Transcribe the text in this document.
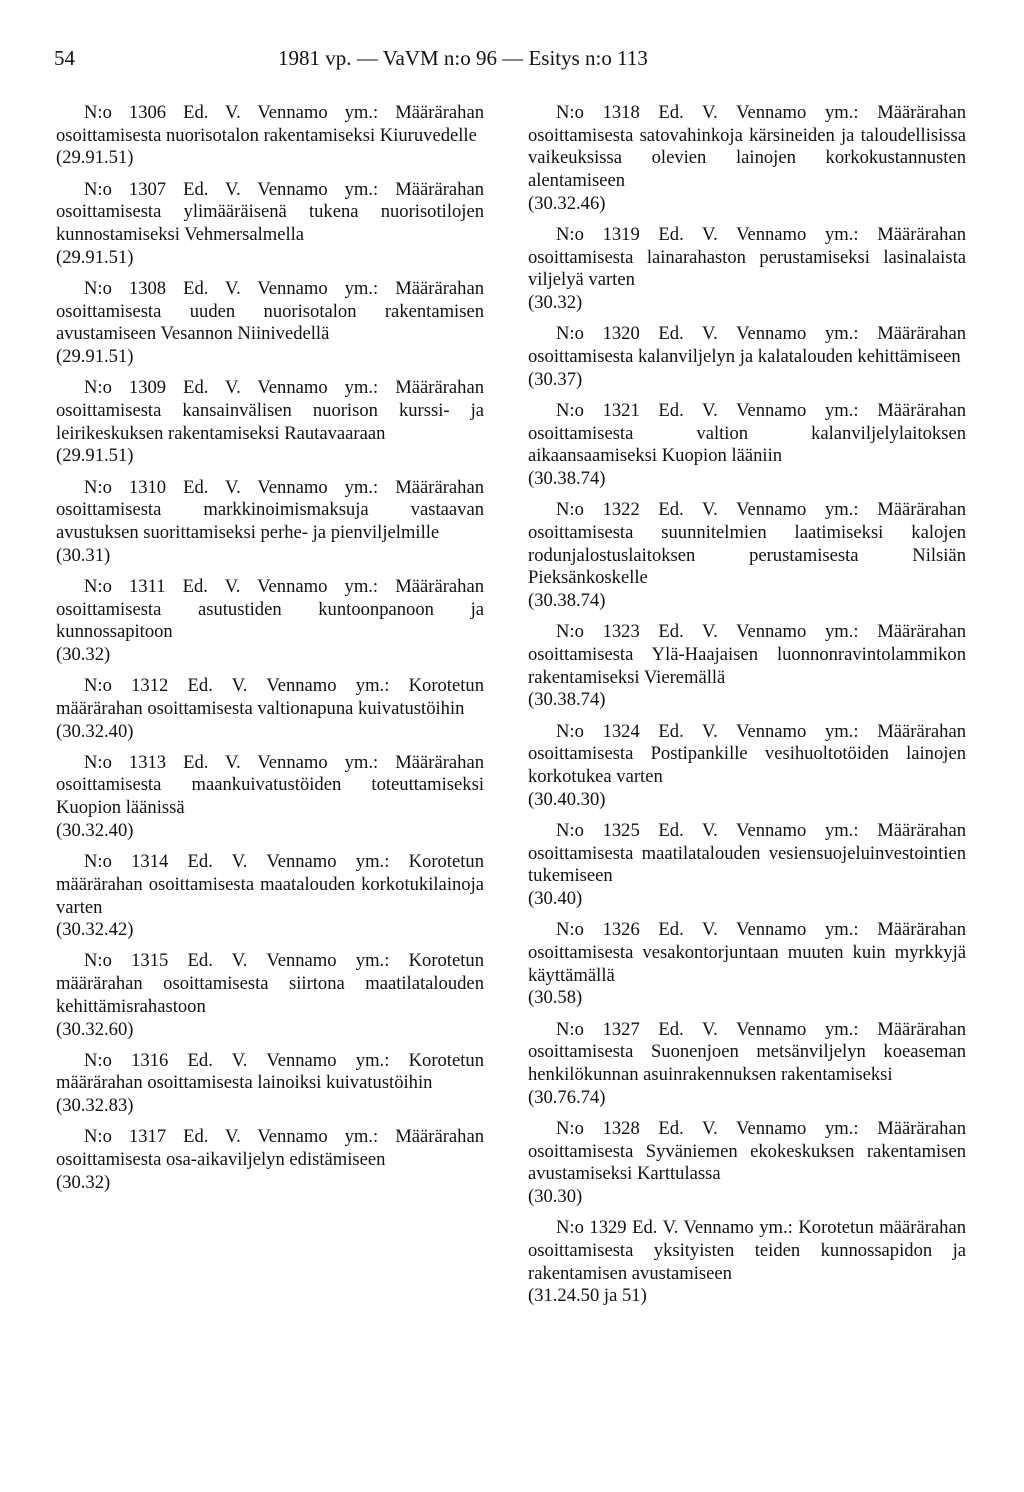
54	1981 vp. — VaVM n:o 96 — Esitys n:o 113

N:o 1306 Ed. V. Vennamo ym.: Määrärahan osoittamisesta nuorisotalon rakentamiseksi Kiuruvedelle

(29.91.51)

N:o 1307 Ed. V. Vennamo ym.: Määrärahan osoittamisesta ylimääräisenä tukena nuorisotilojen kunnostamiseksi Vehmersalmella

(29.91.51)

N:o 1308 Ed. V. Vennamo ym.: Määrärahan osoittamisesta uuden nuorisotalon rakentamisen avustamiseen Vesannon Niinivedellä

(29.91.51)

N:o 1309 Ed. V. Vennamo ym.: Määrärahan osoittamisesta kansainvälisen nuorison kurssi- ja leirikeskuksen rakentamiseksi Rautavaaraan

(29.91.51)

N:o 1310 Ed. V. Vennamo ym.: Määrärahan osoittamisesta markkinoimismaksuja vastaavan avustuksen suorittamiseksi perhe- ja pienviljelmille

(30.31)

N:o 1311 Ed. V. Vennamo ym.: Määrärahan osoittamisesta asutustiden kuntoonpanoon ja kunnossapitoon

(30.32)

N:o 1312 Ed. V. Vennamo ym.: Korotetun määrärahan osoittamisesta valtionapuna kuivatustöihin

(30.32.40)

N:o 1313 Ed. V. Vennamo ym.: Määrärahan osoittamisesta maankuivatustöiden toteuttamiseksi Kuopion läänissä

(30.32.40)

N:o 1314 Ed. V. Vennamo ym.: Korotetun määrärahan osoittamisesta maatalouden korkotukilainoja varten

(30.32.42)

N:o 1315 Ed. V. Vennamo ym.: Korotetun määrärahan osoittamisesta siirtona maatilatalouden kehittämisrahastoon

(30.32.60)

N:o 1316 Ed. V. Vennamo ym.: Korotetun määrärahan osoittamisesta lainoiksi kuivatustöihin

(30.32.83)

N:o 1317 Ed. V. Vennamo ym.: Määrärahan osoittamisesta osa-aikaviljelyn edistämiseen

(30.32)

N:o 1318 Ed. V. Vennamo ym.: Määrärahan osoittamisesta satovahinkoja kärsineiden ja taloudellisissa vaikeuksissa olevien lainojen korkokustannusten alentamiseen

(30.32.46)

N:o 1319 Ed. V. Vennamo ym.: Määrärahan osoittamisesta lainarahaston perustamiseksi lasinalaista viljelyä varten

(30.32)

N:o 1320 Ed. V. Vennamo ym.: Määrärahan osoittamisesta kalanviljelyn ja kalatalouden kehittämiseen

(30.37)

N:o 1321 Ed. V. Vennamo ym.: Määrärahan osoittamisesta valtion kalanviljelylaitoksen aikaansaamiseksi Kuopion lääniin

(30.38.74)

N:o 1322 Ed. V. Vennamo ym.: Määrärahan osoittamisesta suunnitelmien laatimiseksi kalojen rodunjalostuslaitoksen perustamisesta Nilsiän Pieksänkoskelle

(30.38.74)

N:o 1323 Ed. V. Vennamo ym.: Määrärahan osoittamisesta Ylä-Haajaisen luonnonravintolammikon rakentamiseksi Vieremällä

(30.38.74)

N:o 1324 Ed. V. Vennamo ym.: Määrärahan osoittamisesta Postipankille vesihuoltotöiden lainojen korkotukea varten

(30.40.30)

N:o 1325 Ed. V. Vennamo ym.: Määrärahan osoittamisesta maatilatalouden vesiensuojeluinvestointien tukemiseen

(30.40)

N:o 1326 Ed. V. Vennamo ym.: Määrärahan osoittamisesta vesakontorjuntaan muuten kuin myrkkyjä käyttämällä

(30.58)

N:o 1327 Ed. V. Vennamo ym.: Määrärahan osoittamisesta Suonenjoen metsänviljelyn koeaseman henkilökunnan asuinrakennuksen rakentamiseksi

(30.76.74)

N:o 1328 Ed. V. Vennamo ym.: Määrärahan osoittamisesta Syväniemen ekokeskuksen rakentamisen avustamiseksi Karttulassa

(30.30)

N:o 1329 Ed. V. Vennamo ym.: Korotetun määrärahan osoittamisesta yksityisten teiden kunnossapidon ja rakentamisen avustamiseen

(31.24.50 ja 51)
